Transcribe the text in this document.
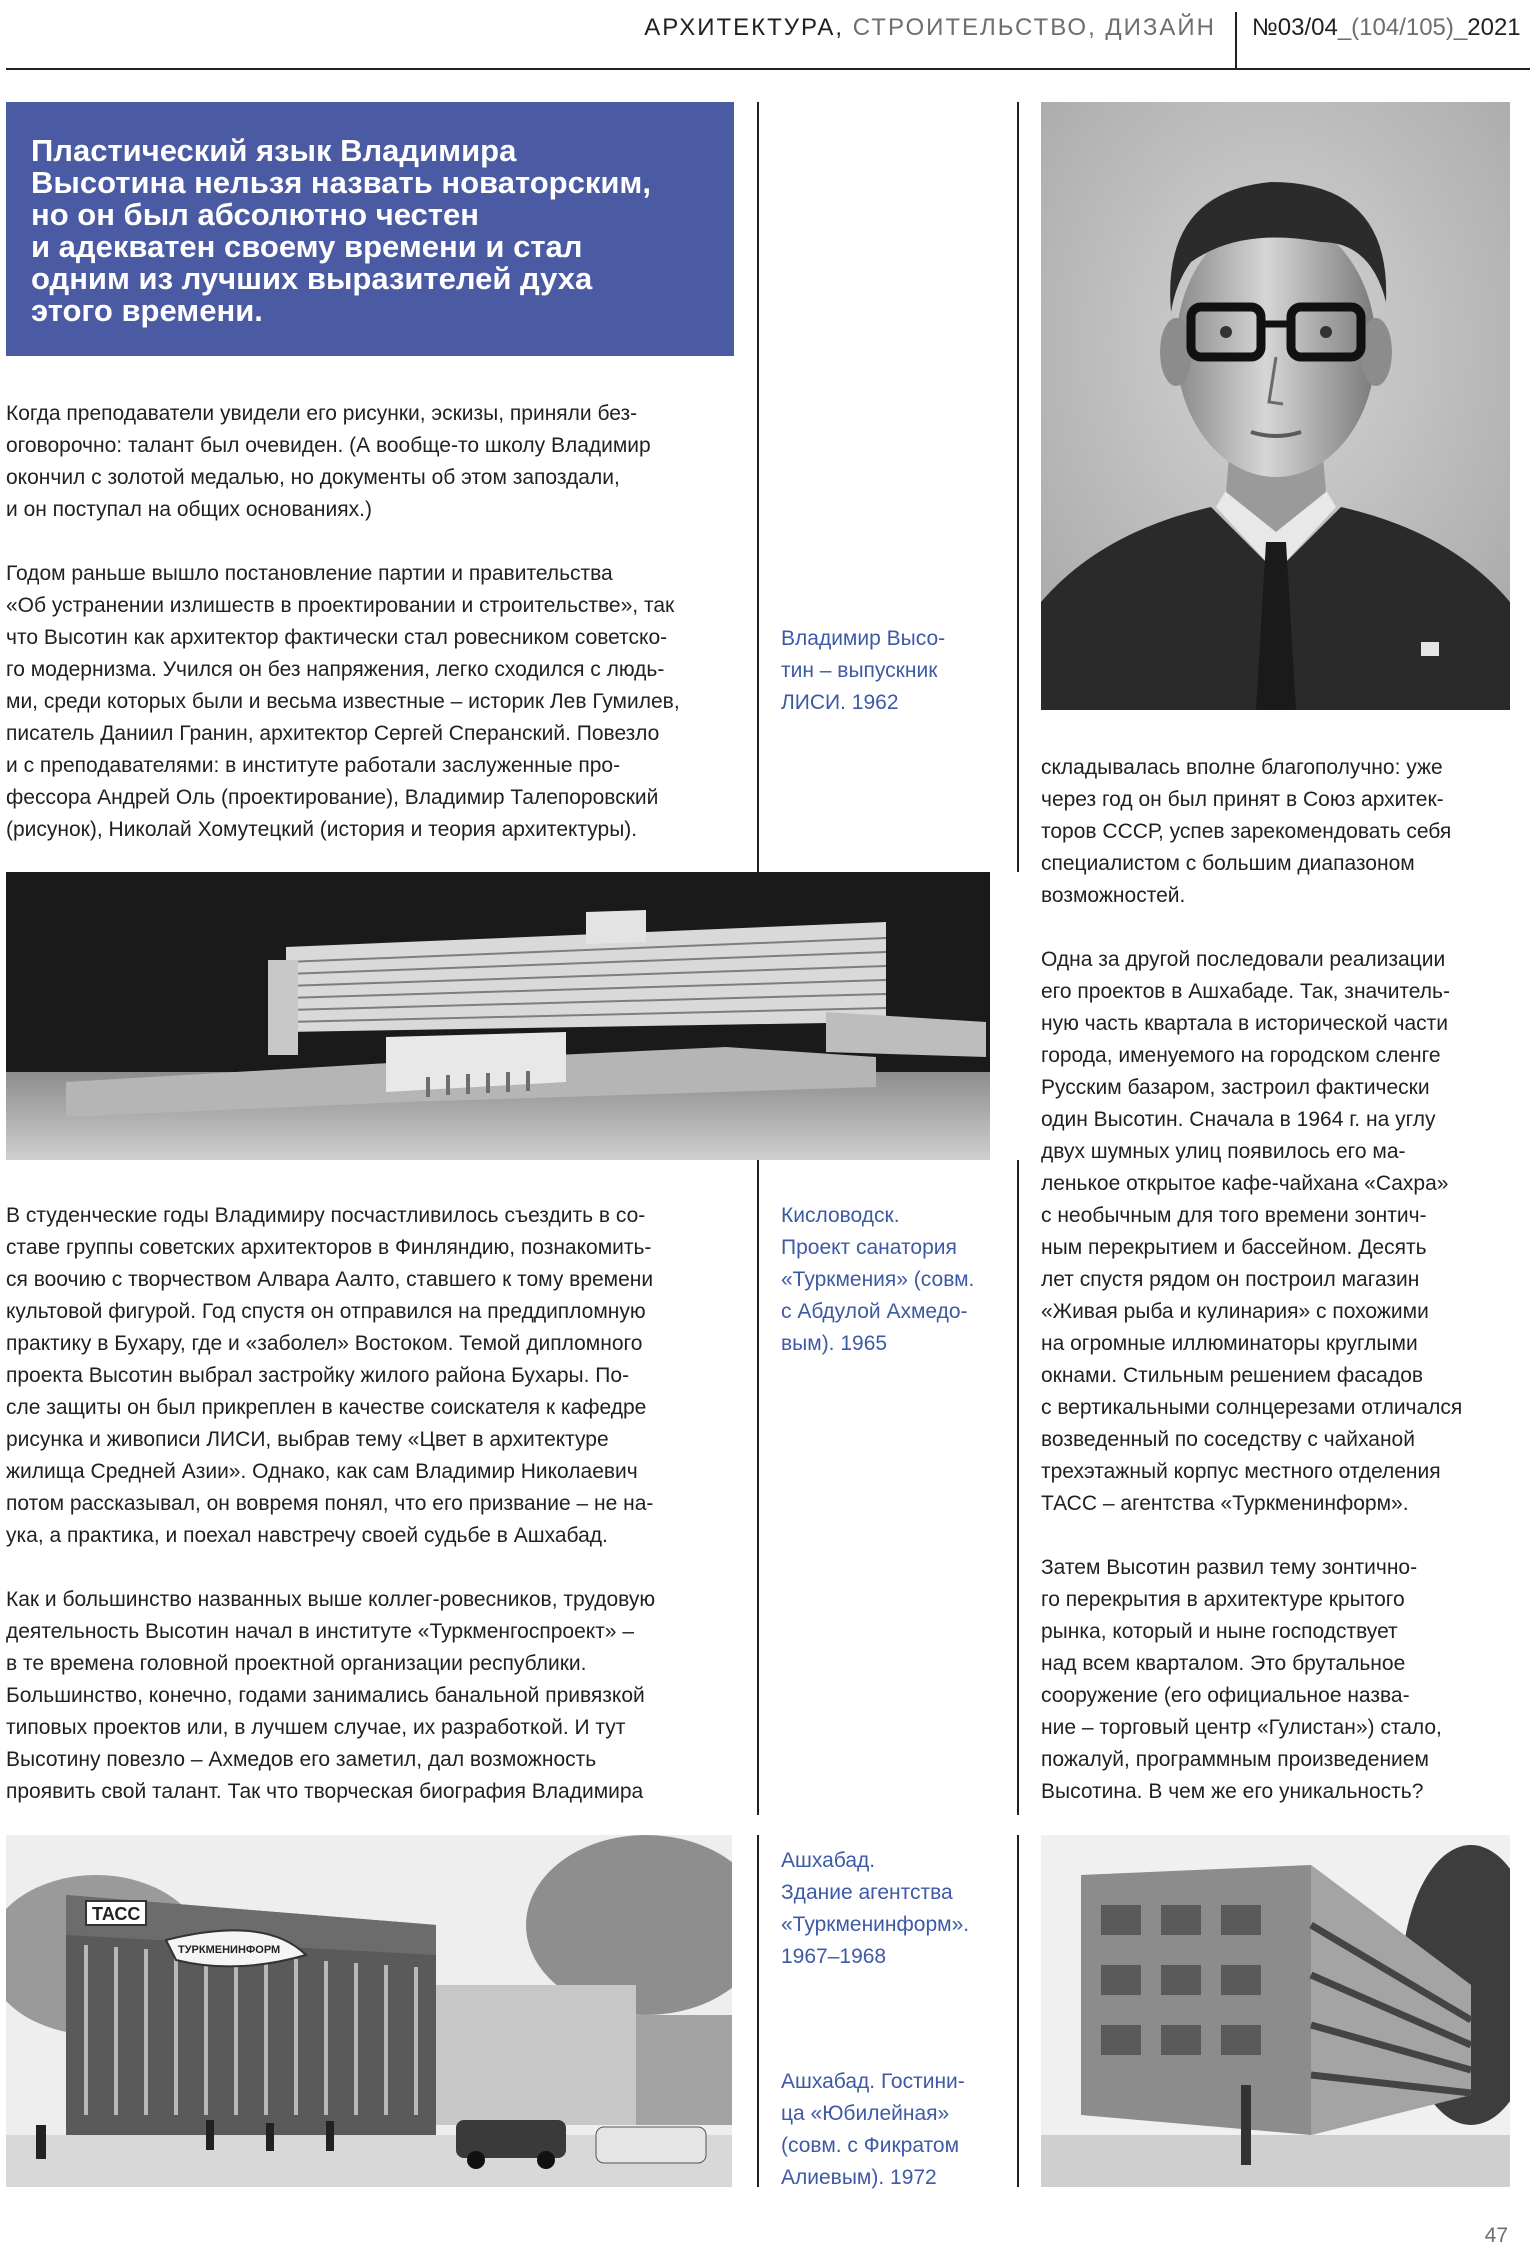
АРХИТЕКТУРА, СТРОИТЕЛЬСТВО, ДИЗАЙН №03/04_(104/105)_2021

Пластический язык Владимира
Высотина нельзя назвать новаторским,
но он был абсолютно честен
и адекватен своему времени и стал
одним из лучших выразителей духа
этого времени.

Когда преподаватели увидели его рисунки, эскизы, приняли без-
оговорочно: талант был очевиден. (А вообще-то школу Владимир
окончил с золотой медалью, но документы об этом запоздали,
и он поступал на общих основаниях.)

Годом раньше вышло постановление партии и правительства
«Об устранении излишеств в проектировании и строительстве», так
что Высотин как архитектор фактически стал ровесником советско-
го модернизма. Учился он без напряжения, легко сходился с людь-
ми, среди которых были и весьма известные – историк Лев Гумилев,
писатель Даниил Гранин, архитектор Сергей Сперанский. Повезло
и с преподавателями: в институте работали заслуженные про-
фессора Андрей Оль (проектирование), Владимир Талепоровский
(рисунок), Николай Хомутецкий (история и теория архитектуры).

Владимир Высо-
тин – выпускник
ЛИСИ. 1962
Кисловодск.
Проект санатория
«Туркмения» (совм.
с Абдулой Ахмедо-
вым). 1965

В студенческие годы Владимиру посчастливилось съездить в со-
ставе группы советских архитекторов в Финляндию, познакомить-
ся воочию с творчеством Алвара Аалто, ставшего к тому времени
культовой фигурой. Год спустя он отправился на преддипломную
практику в Бухару, где и «заболел» Востоком. Темой дипломного
проекта Высотин выбрал застройку жилого района Бухары. По-
сле защиты он был прикреплен в качестве соискателя к кафедре
рисунка и живописи ЛИСИ, выбрав тему «Цвет в архитектуре
жилища Средней Азии». Однако, как сам Владимир Николаевич
потом рассказывал, он вовремя понял, что его призвание – не на-
ука, а практика, и поехал навстречу своей судьбе в Ашхабад.

Как и большинство названных выше коллег-ровесников, трудовую
деятельность Высотин начал в институте «Туркменгоспроект» –
в те времена головной проектной организации республики.
Большинство, конечно, годами занимались банальной привязкой
типовых проектов или, в лучшем случае, их разработкой. И тут
Высотину повезло – Ахмедов его заметил, дал возможность
проявить свой талант. Так что творческая биография Владимира

складывалась вполне благополучно: уже
через год он был принят в Союз архитек-
торов СССР, успев зарекомендовать себя
специалистом с большим диапазоном
возможностей.

Одна за другой последовали реализации
его проектов в Ашхабаде. Так, значитель-
ную часть квартала в исторической части
города, именуемого на городском сленге
Русским базаром, застроил фактически
один Высотин. Сначала в 1964 г. на углу
двух шумных улиц появилось его ма-
ленькое открытое кафе-чайхана «Сахра»
с необычным для того времени зонтич-
ным перекрытием и бассейном. Десять
лет спустя рядом он построил магазин
«Живая рыба и кулинария» с похожими
на огромные иллюминаторы круглыми
окнами. Стильным решением фасадов
с вертикальными солнцерезами отличался
возведенный по соседству с чайханой
трехэтажный корпус местного отделения
ТАСС – агентства «Туркменинформ».

Затем Высотин развил тему зонтично-
го перекрытия в архитектуре крытого
рынка, который и ныне господствует
над всем кварталом. Это брутальное
сооружение (его официальное назва-
ние – торговый центр «Гулистан») стало,
пожалуй, программным произведением
Высотина. В чем же его уникальность?

ТАСС
ТУРКМЕНИНФОРМ
Ашхабад.
Здание агентства
«Туркменинформ».
1967–1968
Ашхабад. Гостини-
ца «Юбилейная»
(совм. с Фикратом
Алиевым). 1972
47
